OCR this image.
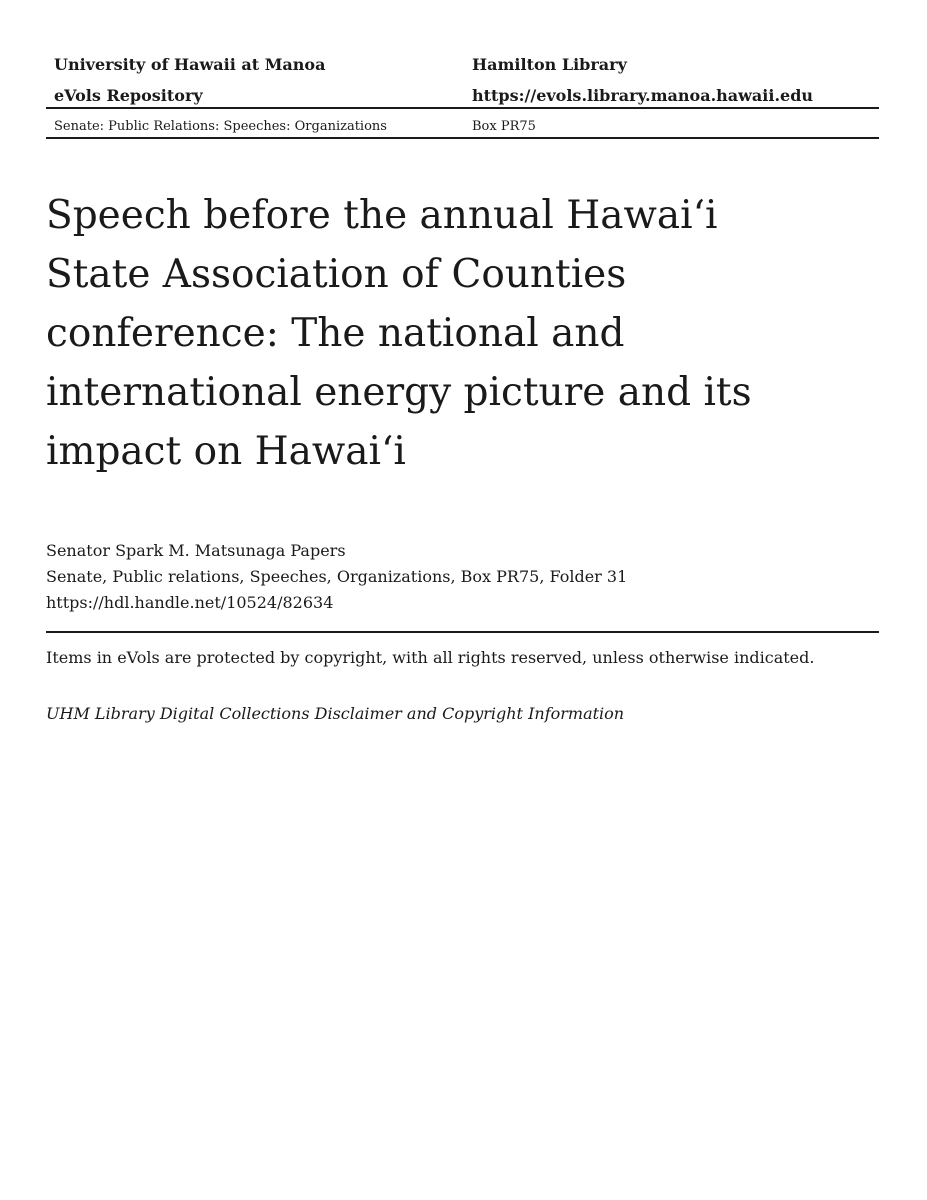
University of Hawaii at Manoa	Hamilton Library
eVols Repository	https://evols.library.manoa.hawaii.edu
Senate: Public Relations: Speeches: Organizations	Box PR75
Speech before the annual Hawai‘i State Association of Counties conference: The national and international energy picture and its impact on Hawai‘i
Senator Spark M. Matsunaga Papers
Senate, Public relations, Speeches, Organizations, Box PR75, Folder 31
https://hdl.handle.net/10524/82634
Items in eVols are protected by copyright, with all rights reserved, unless otherwise indicated.
UHM Library Digital Collections Disclaimer and Copyright Information
